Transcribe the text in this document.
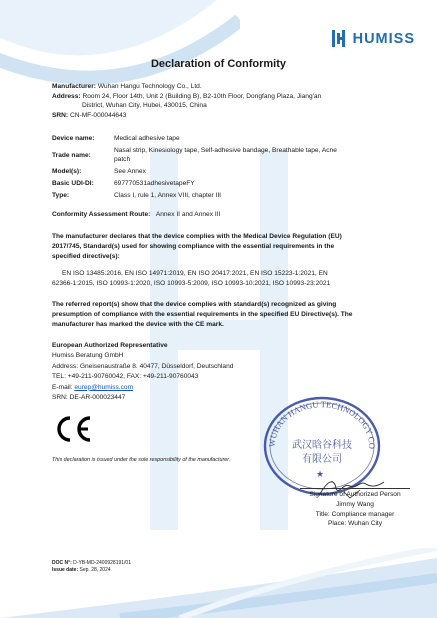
HUMISS
Declaration of Conformity
Manufacturer: Wuhan Hangu Technology Co., Ltd.
Address: Room 24, Floor 14th, Unit 2 (Building B), B2-10th Floor, Dongfang Plaza, Jiang'an
District, Wuhan City, Hubei, 430015, China
SRN: CN-MF-000044643
Device name:	Medical adhesive tape
Trade name:	Nasal strip, Kinesiology tape, Self-adhesive bandage, Breathable tape, Acne
patch

Model(s):	See Annex
Basic UDI-DI:	697770531adhesivetapeFY
Type:	Class I, rule 1, Annex VIII, chapter III
Conformity Assessment Route: Annex II and Annex III
The manufacturer declares that the device complies with the Medical Device Regulation (EU)
2017/745, Standard(s) used for showing compliance with the essential requirements in the
specified directive(s):
EN ISO 13485:2016, EN ISO 14971:2019, EN ISO 20417:2021, EN ISO 15223-1:2021, EN
62366-1:2015, ISO 10993-1:2020, ISO 10993-5:2009, ISO 10993-10:2021, ISO 10993-23:2021
The referred report(s) show that the device complies with standard(s) recognized as giving
presumption of compliance with the essential requirements in the specified EU Directive(s). The
manufacturer has marked the device with the CE mark.
European Authorized Representative
Humiss Beratung GmbH
Address: Gneisenaustraße 8. 40477, Düsseldorf, Deutschland
TEL: +49-211-90760042, FAX: +49-211-90760043
E-mail: eurep@humiss.com
SRN: DE-AR-000023447
This declaration is issued under the sole responsibility of the manufacturer.
WUHAN HANGU TECHNOLOGY CO
武汉晗谷科技
有限公司
★
Signature of Authorized Person
Jimmy Wang
Title: Compliance manager
Place: Wuhan City
DOC N°: D-YB-MD-2400928191/01
Issue date: Sep. 28, 2024
